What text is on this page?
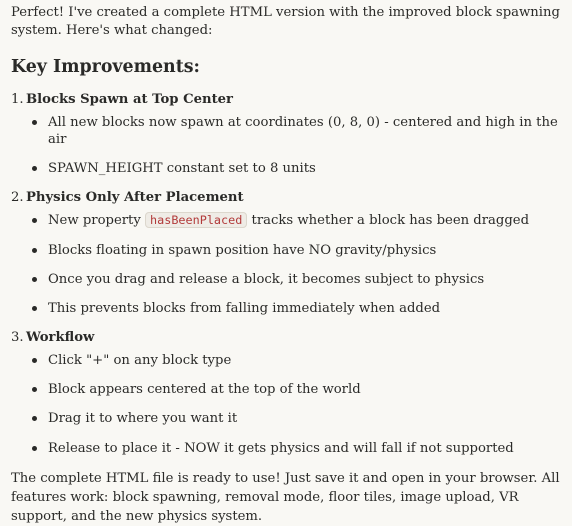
Perfect! I've created a complete HTML version with the improved block spawning system. Here's what changed:

Key Improvements:
1. Blocks Spawn at Top Center
All new blocks now spawn at coordinates (0, 8, 0) - centered and high in the air
SPAWN_HEIGHT constant set to 8 units
2. Physics Only After Placement
New property hasBeenPlaced tracks whether a block has been dragged
Blocks floating in spawn position have NO gravity/physics
Once you drag and release a block, it becomes subject to physics
This prevents blocks from falling immediately when added
3. Workflow
Click "+" on any block type
Block appears centered at the top of the world
Drag it to where you want it
Release to place it - NOW it gets physics and will fall if not supported

The complete HTML file is ready to use! Just save it and open in your browser. All features work: block spawning, removal mode, floor tiles, image upload, VR support, and the new physics system.
